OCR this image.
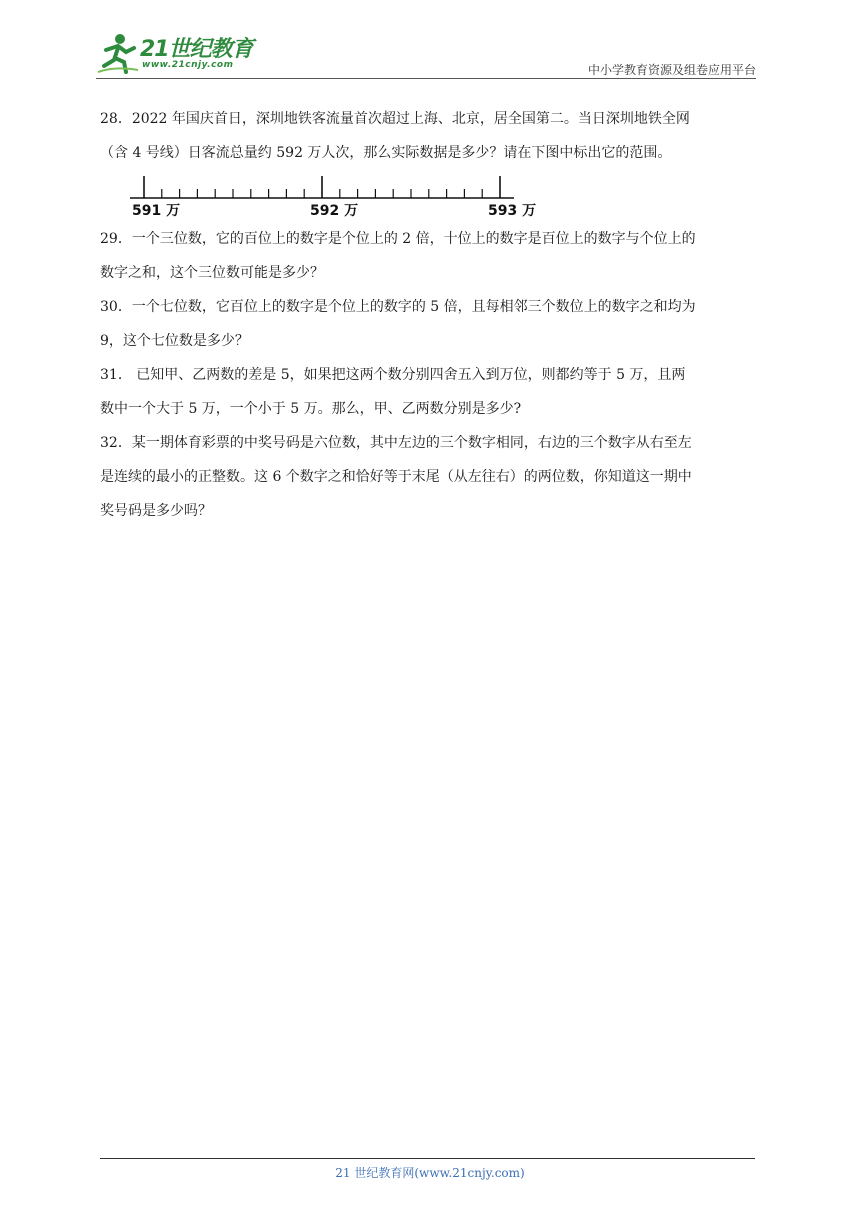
21世纪教育
www.21cnjy.com	中小学教育资源及组卷应用平台
28．2022 年国庆首日，深圳地铁客流量首次超过上海、北京，居全国第二。当日深圳地铁全网
（含 4 号线）日客流总量约 592 万人次，那么实际数据是多少？请在下图中标出它的范围。
591 万	592 万	593 万
29．一个三位数，它的百位上的数字是个位上的 2 倍，十位上的数字是百位上的数字与个位上的
数字之和，这个三位数可能是多少？
30．一个七位数，它百位上的数字是个位上的数字的 5 倍，且每相邻三个数位上的数字之和均为
9，这个七位数是多少？
31． 已知甲、乙两数的差是 5，如果把这两个数分别四舍五入到万位，则都约等于 5 万，且两
数中一个大于 5 万，一个小于 5 万。那么，甲、乙两数分别是多少?
32．某一期体育彩票的中奖号码是六位数，其中左边的三个数字相同，右边的三个数字从右至左
是连续的最小的正整数。这 6 个数字之和恰好等于末尾（从左往右）的两位数，你知道这一期中
奖号码是多少吗？
21 世纪教育网(www.21cnjy.com)
